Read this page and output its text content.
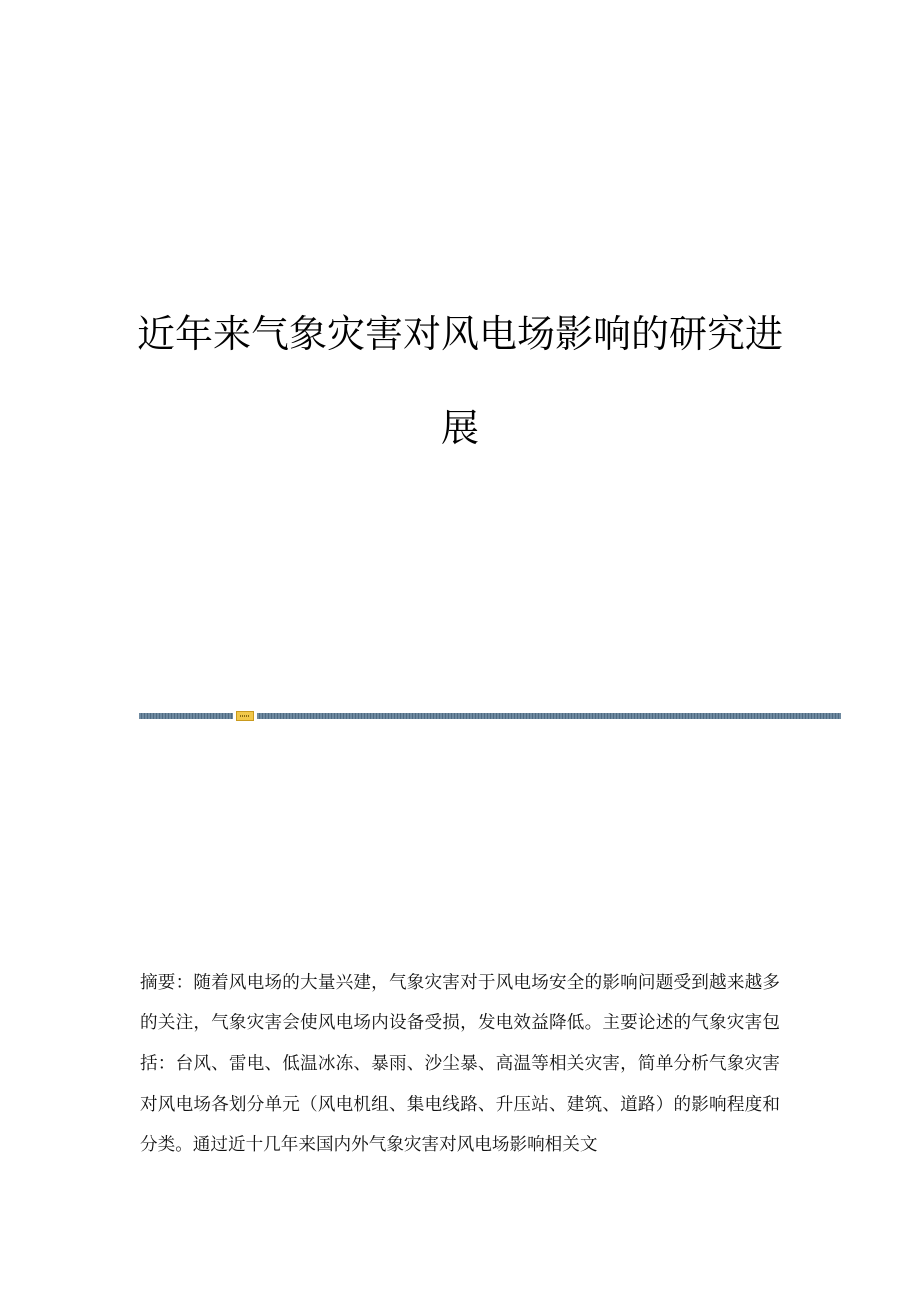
近年来气象灾害对风电场影响的研究进展

摘要：随着风电场的大量兴建，气象灾害对于风电场安全的影响问题受到越来越多的关注，气象灾害会使风电场内设备受损，发电效益降低。主要论述的气象灾害包括：台风、雷电、低温冰冻、暴雨、沙尘暴、高温等相关灾害，简单分析气象灾害对风电场各划分单元（风电机组、集电线路、升压站、建筑、道路）的影响程度和分类。通过近十几年来国内外气象灾害对风电场影响相关文
